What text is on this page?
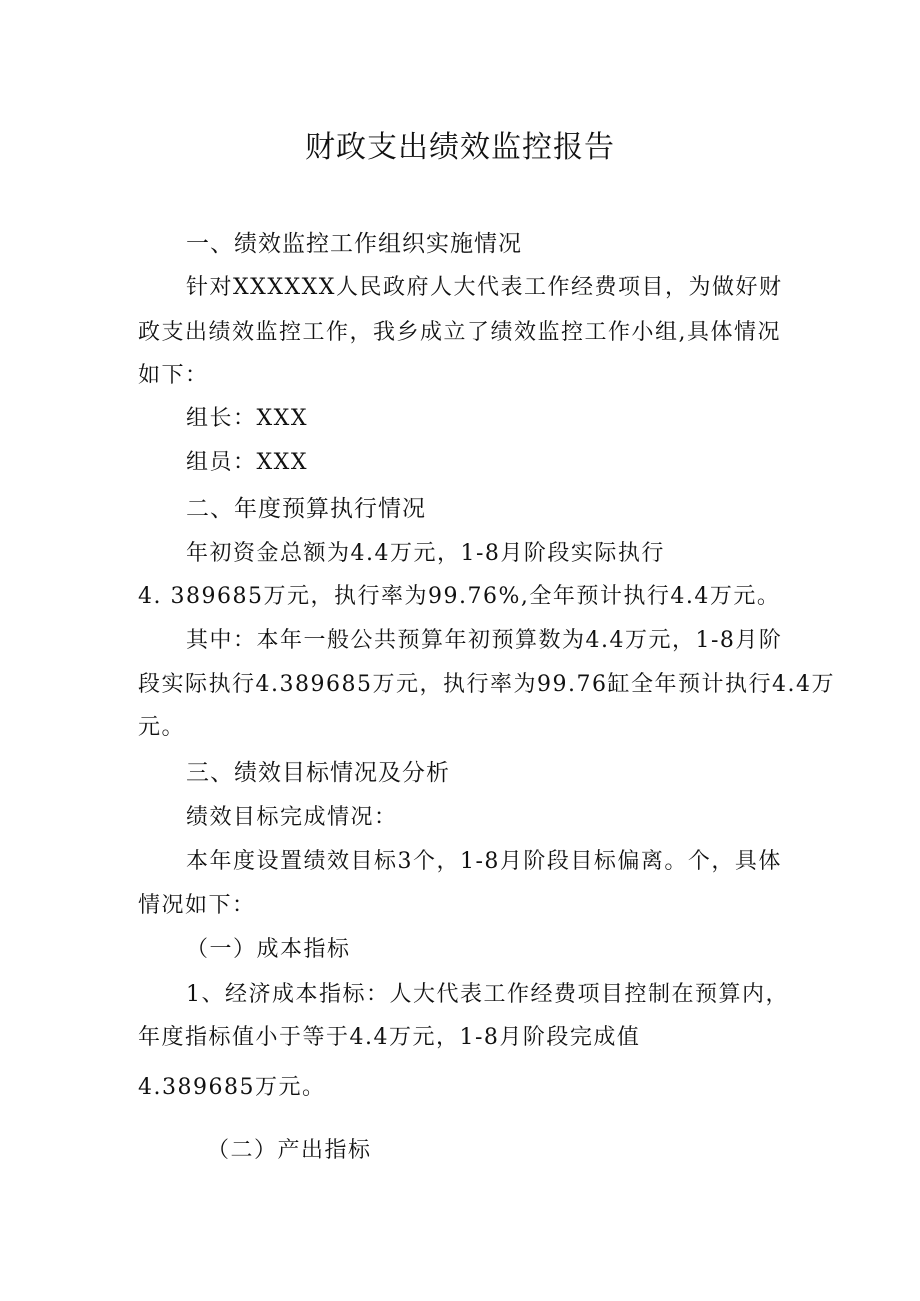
财政支出绩效监控报告

一、绩效监控工作组织实施情况

针对XXXXXX人民政府人大代表工作经费项目，为做好财

政支出绩效监控工作，我乡成立了绩效监控工作小组,具体情况

如下：

组长：XXX

组员：XXX

二、年度预算执行情况

年初资金总额为4.4万元，1-8月阶段实际执行

4. 389685万元，执行率为99.76%,全年预计执行4.4万元。

其中：本年一般公共预算年初预算数为4.4万元，1-8月阶

段实际执行4.389685万元，执行率为99.76缸全年预计执行4.4万

元。

三、绩效目标情况及分析

绩效目标完成情况：

本年度设置绩效目标3个，1-8月阶段目标偏离。个，具体

情况如下：

（一）成本指标

1、经济成本指标：人大代表工作经费项目控制在预算内，

年度指标值小于等于4.4万元，1-8月阶段完成值

4.389685万元。

（二）产出指标
